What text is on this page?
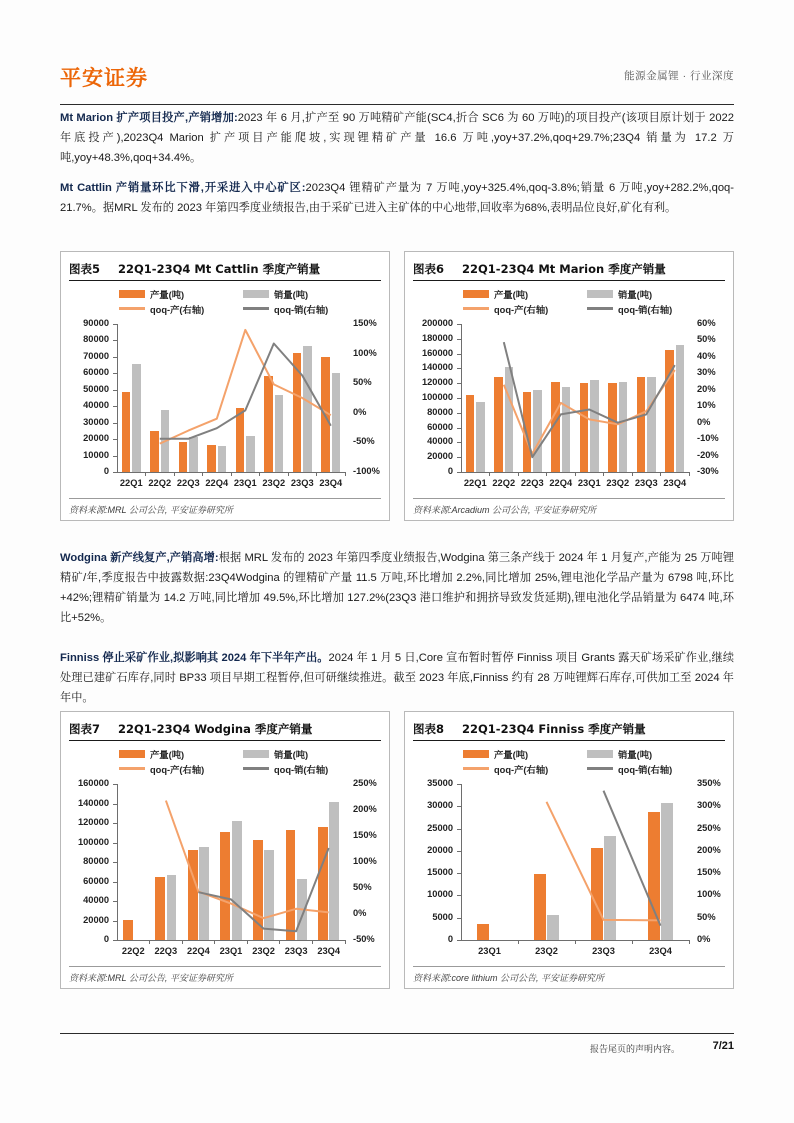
平安证券	能源金属锂 · 行业深度
Mt Marion 扩产项目投产,产销增加:2023 年 6 月,扩产至 90 万吨精矿产能(SC4,折合 SC6 为 60 万吨)的项目投产(该项目原计划于 2022 年底投产),2023Q4 Marion 扩产项目产能爬坡,实现锂精矿产量 16.6 万吨,yoy+37.2%,qoq+29.7%;23Q4 销量为 17.2 万吨,yoy+48.3%,qoq+34.4%。
Mt Cattlin 产销量环比下滑,开采进入中心矿区:2023Q4 锂精矿产量为 7 万吨,yoy+325.4%,qoq-3.8%;销量 6 万吨,yoy+282.2%,qoq-21.7%。据MRL 发布的 2023 年第四季度业绩报告,由于采矿已进入主矿体的中心地带,回收率为68%,表明品位良好,矿化有利。
图表5 22Q1-23Q4 Mt Cattlin 季度产销量
产量(吨)	销量(吨)
qoq-产(右轴)	qoq-销(右轴)
0
10000
20000
30000
40000
50000
60000
70000
80000
90000
-100%
-50%
0%
50%
100%
150%
22Q1 22Q2 22Q3 22Q4 23Q1 23Q2 23Q3 23Q4
资料来源:MRL 公司公告, 平安证券研究所
图表6 22Q1-23Q4 Mt Marion 季度产销量
产量(吨)	销量(吨)
qoq-产(右轴)	qoq-销(右轴)
0
20000
40000
60000
80000
100000
120000
140000
160000
180000
200000
-30%
-20%
-10%
0%
10%
20%
30%
40%
50%
60%
22Q1 22Q2 22Q3 22Q4 23Q1 23Q2 23Q3 23Q4
资料来源:Arcadium 公司公告, 平安证券研究所
Wodgina 新产线复产,产销高增:根据 MRL 发布的 2023 年第四季度业绩报告,Wodgina 第三条产线于 2024 年 1 月复产,产能为 25 万吨锂精矿/年,季度报告中披露数据:23Q4Wodgina 的锂精矿产量 11.5 万吨,环比增加 2.2%,同比增加 25%,锂电池化学品产量为 6798 吨,环比+42%;锂精矿销量为 14.2 万吨,同比增加 49.5%,环比增加 127.2%(23Q3 港口维护和拥挤导致发货延期),锂电池化学品销量为 6474 吨,环比+52%。
Finniss 停止采矿作业,拟影响其 2024 年下半年产出。2024 年 1 月 5 日,Core 宣布暂时暂停 Finniss 项目 Grants 露天矿场采矿作业,继续处理已建矿石库存,同时 BP33 项目早期工程暂停,但可研继续推进。截至 2023 年底,Finniss 约有 28 万吨锂辉石库存,可供加工至 2024 年年中。
图表7 22Q1-23Q4 Wodgina 季度产销量
产量(吨)	销量(吨)
qoq-产(右轴)	qoq-销(右轴)
0
20000
40000
60000
80000
100000
120000
140000
160000
-50%
0%
50%
100%
150%
200%
250%
22Q2	22Q3	22Q4	23Q1	23Q2	23Q3	23Q4
资料来源:MRL 公司公告, 平安证券研究所
图表8 22Q1-23Q4 Finniss 季度产销量
产量(吨)	销量(吨)
qoq-产(右轴)	qoq-销(右轴)
0
5000
10000
15000
20000
25000
30000
35000
0%
50%
100%
150%
200%
250%
300%
350%
23Q1	23Q2	23Q3	23Q4
资料来源:core lithium 公司公告, 平安证券研究所
报告尾页的声明内容。	7/21
